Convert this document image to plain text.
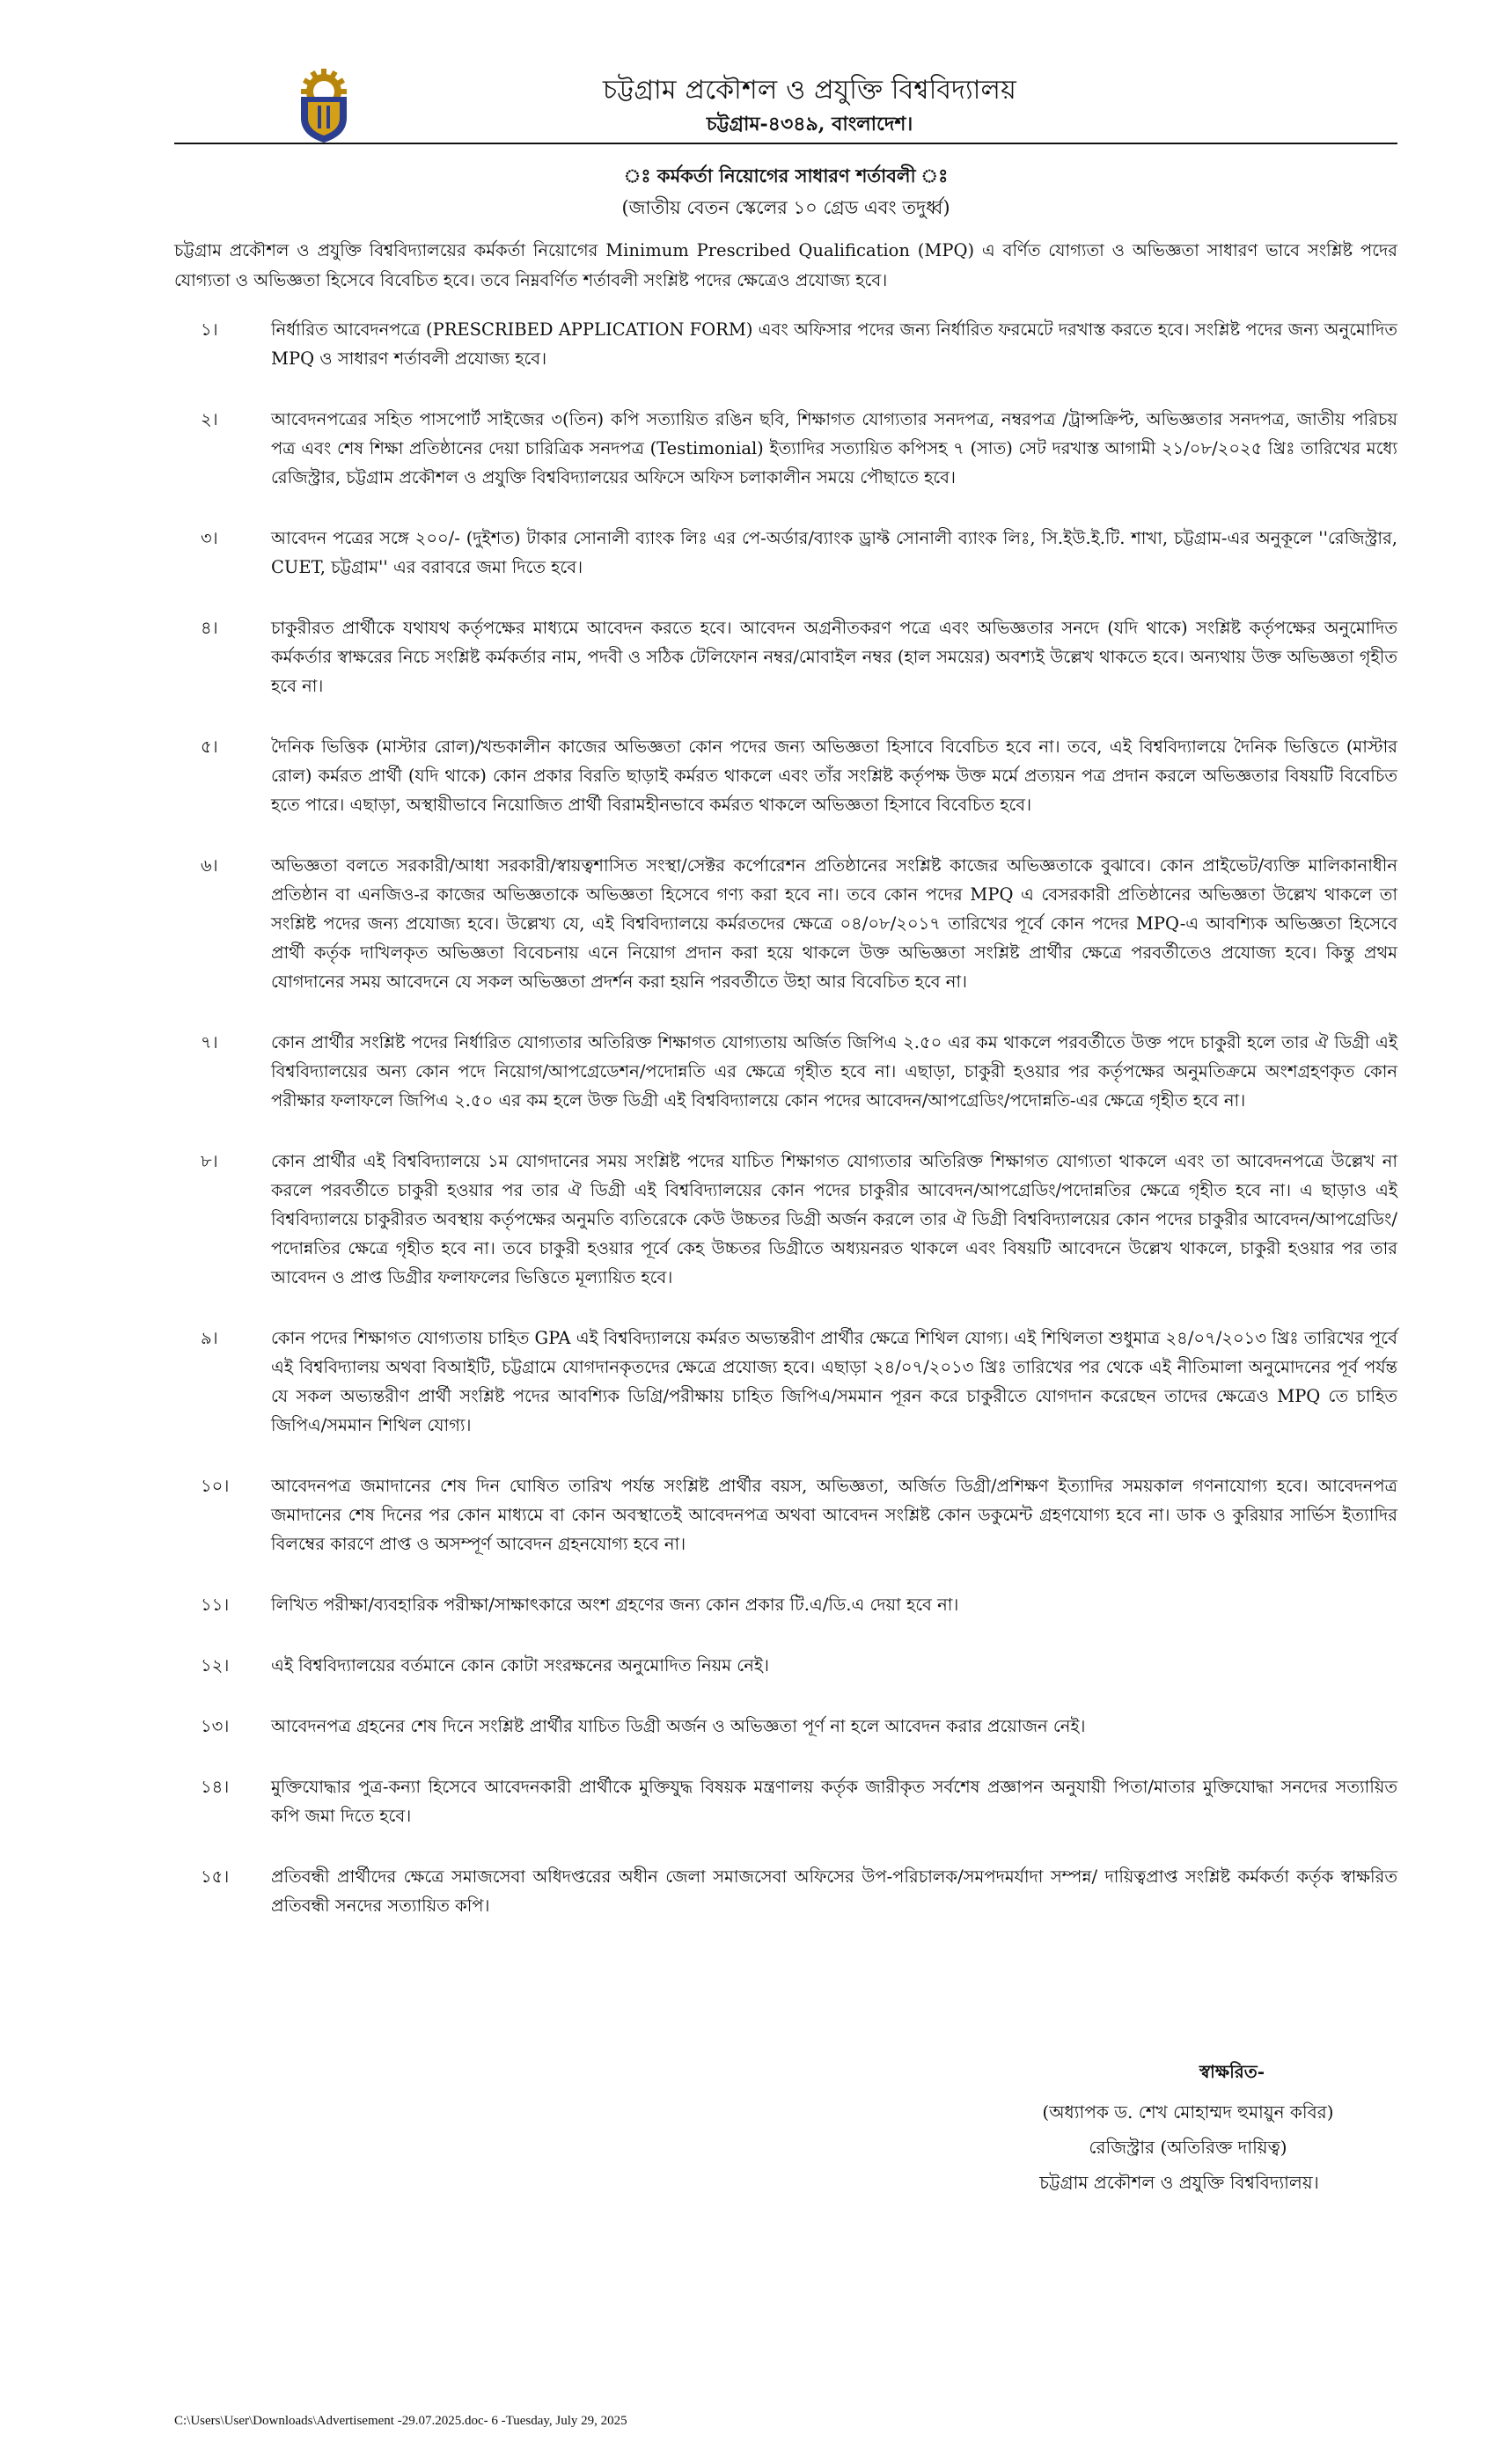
চট্টগ্রাম প্রকৌশল ও প্রযুক্তি বিশ্ববিদ্যালয়
চট্টগ্রাম-৪৩৪৯, বাংলাদেশ।
ঃ কর্মকর্তা নিয়োগের সাধারণ শর্তাবলী ঃ
(জাতীয় বেতন স্কেলের ১০ গ্রেড এবং তদুর্ধ্ব)
চট্টগ্রাম প্রকৌশল ও প্রযুক্তি বিশ্ববিদ্যালয়ের কর্মকর্তা নিয়োগের Minimum Prescribed Qualification (MPQ) এ বর্ণিত যোগ্যতা ও অভিজ্ঞতা সাধারণ ভাবে সংশ্লিষ্ট পদের যোগ্যতা ও অভিজ্ঞতা হিসেবে বিবেচিত হবে। তবে নিম্নবর্ণিত শর্তাবলী সংশ্লিষ্ট পদের ক্ষেত্রেও প্রযোজ্য হবে।
১।	নির্ধারিত আবেদনপত্রে (PRESCRIBED APPLICATION FORM) এবং অফিসার পদের জন্য নির্ধারিত ফরমেটে দরখাস্ত করতে হবে। সংশ্লিষ্ট পদের জন্য অনুমোদিত MPQ ও সাধারণ শর্তাবলী প্রযোজ্য হবে।
২।	আবেদনপত্রের সহিত পাসপোর্ট সাইজের ৩(তিন) কপি সত্যায়িত রঙিন ছবি, শিক্ষাগত যোগ্যতার সনদপত্র, নম্বরপত্র /ট্রান্সক্রিপ্ট, অভিজ্ঞতার সনদপত্র, জাতীয় পরিচয় পত্র এবং শেষ শিক্ষা প্রতিষ্ঠানের দেয়া চারিত্রিক সনদপত্র (Testimonial) ইত্যাদির সত্যায়িত কপিসহ ৭ (সাত) সেট দরখাস্ত আগামী ২১/০৮/২০২৫ খ্রিঃ তারিখের মধ্যে রেজিস্ট্রার, চট্টগ্রাম প্রকৌশল ও প্রযুক্তি বিশ্ববিদ্যালয়ের অফিসে অফিস চলাকালীন সময়ে পৌছাতে হবে।
৩।	আবেদন পত্রের সঙ্গে ২০০/- (দুইশত) টাকার সোনালী ব্যাংক লিঃ এর পে-অর্ডার/ব্যাংক ড্রাফ্ট সোনালী ব্যাংক লিঃ, সি.ইউ.ই.টি. শাখা, চট্টগ্রাম-এর অনুকূলে ''রেজিস্ট্রার, CUET, চট্টগ্রাম'' এর বরাবরে জমা দিতে হবে।
৪।	চাকুরীরত প্রার্থীকে যথাযথ কর্তৃপক্ষের মাধ্যমে আবেদন করতে হবে। আবেদন অগ্রনীতকরণ পত্রে এবং অভিজ্ঞতার সনদে (যদি থাকে) সংশ্লিষ্ট কর্তৃপক্ষের অনুমোদিত কর্মকর্তার স্বাক্ষরের নিচে সংশ্লিষ্ট কর্মকর্তার নাম, পদবী ও সঠিক টেলিফোন নম্বর/মোবাইল নম্বর (হাল সময়ের) অবশ্যই উল্লেখ থাকতে হবে। অন্যথায় উক্ত অভিজ্ঞতা গৃহীত হবে না।
৫।	দৈনিক ভিত্তিক (মাস্টার রোল)/খন্ডকালীন কাজের অভিজ্ঞতা কোন পদের জন্য অভিজ্ঞতা হিসাবে বিবেচিত হবে না। তবে, এই বিশ্ববিদ্যালয়ে দৈনিক ভিত্তিতে (মাস্টার রোল) কর্মরত প্রার্থী (যদি থাকে) কোন প্রকার বিরতি ছাড়াই কর্মরত থাকলে এবং তাঁর সংশ্লিষ্ট কর্তৃপক্ষ উক্ত মর্মে প্রত্যয়ন পত্র প্রদান করলে অভিজ্ঞতার বিষয়টি বিবেচিত হতে পারে। এছাড়া, অস্থায়ীভাবে নিয়োজিত প্রার্থী বিরামহীনভাবে কর্মরত থাকলে অভিজ্ঞতা হিসাবে বিবেচিত হবে।
৬।	অভিজ্ঞতা বলতে সরকারী/আধা সরকারী/স্বায়ত্বশাসিত সংস্থা/সেক্টর কর্পোরেশন প্রতিষ্ঠানের সংশ্লিষ্ট কাজের অভিজ্ঞতাকে বুঝাবে। কোন প্রাইভেট/ব্যক্তি মালিকানাধীন প্রতিষ্ঠান বা এনজিও-র কাজের অভিজ্ঞতাকে অভিজ্ঞতা হিসেবে গণ্য করা হবে না। তবে কোন পদের MPQ এ বেসরকারী প্রতিষ্ঠানের অভিজ্ঞতা উল্লেখ থাকলে তা সংশ্লিষ্ট পদের জন্য প্রযোজ্য হবে। উল্লেখ্য যে, এই বিশ্ববিদ্যালয়ে কর্মরতদের ক্ষেত্রে ০৪/০৮/২০১৭ তারিখের পূর্বে কোন পদের MPQ-এ আবশ্যিক অভিজ্ঞতা হিসেবে প্রার্থী কর্তৃক দাখিলকৃত অভিজ্ঞতা বিবেচনায় এনে নিয়োগ প্রদান করা হয়ে থাকলে উক্ত অভিজ্ঞতা সংশ্লিষ্ট প্রার্থীর ক্ষেত্রে পরবর্তীতেও প্রযোজ্য হবে। কিন্তু প্রথম যোগদানের সময় আবেদনে যে সকল অভিজ্ঞতা প্রদর্শন করা হয়নি পরবর্তীতে উহা আর বিবেচিত হবে না।
৭।	কোন প্রার্থীর সংশ্লিষ্ট পদের নির্ধারিত যোগ্যতার অতিরিক্ত শিক্ষাগত যোগ্যতায় অর্জিত জিপিএ ২.৫০ এর কম থাকলে পরবর্তীতে উক্ত পদে চাকুরী হলে তার ঐ ডিগ্রী এই বিশ্ববিদ্যালয়ের অন্য কোন পদে নিয়োগ/আপগ্রেডেশন/পদোন্নতি এর ক্ষেত্রে গৃহীত হবে না। এছাড়া, চাকুরী হওয়ার পর কর্তৃপক্ষের অনুমতিক্রমে অংশগ্রহণকৃত কোন পরীক্ষার ফলাফলে জিপিএ ২.৫০ এর কম হলে উক্ত ডিগ্রী এই বিশ্ববিদ্যালয়ে কোন পদের আবেদন/আপগ্রেডিং/পদোন্নতি-এর ক্ষেত্রে গৃহীত হবে না।
৮।	কোন প্রার্থীর এই বিশ্ববিদ্যালয়ে ১ম যোগদানের সময় সংশ্লিষ্ট পদের যাচিত শিক্ষাগত যোগ্যতার অতিরিক্ত শিক্ষাগত যোগ্যতা থাকলে এবং তা আবেদনপত্রে উল্লেখ না করলে পরবর্তীতে চাকুরী হওয়ার পর তার ঐ ডিগ্রী এই বিশ্ববিদ্যালয়ের কোন পদের চাকুরীর আবেদন/আপগ্রেডিং/পদোন্নতির ক্ষেত্রে গৃহীত হবে না। এ ছাড়াও এই বিশ্ববিদ্যালয়ে চাকুরীরত অবস্থায় কর্তৃপক্ষের অনুমতি ব্যতিরেকে কেউ উচ্চতর ডিগ্রী অর্জন করলে তার ঐ ডিগ্রী বিশ্ববিদ্যালয়ের কোন পদের চাকুরীর আবেদন/আপগ্রেডিং/পদোন্নতির ক্ষেত্রে গৃহীত হবে না। তবে চাকুরী হওয়ার পূর্বে কেহ উচ্চতর ডিগ্রীতে অধ্যয়নরত থাকলে এবং বিষয়টি আবেদনে উল্লেখ থাকলে, চাকুরী হওয়ার পর তার আবেদন ও প্রাপ্ত ডিগ্রীর ফলাফলের ভিত্তিতে মূল্যায়িত হবে।
৯।	কোন পদের শিক্ষাগত যোগ্যতায় চাহিত GPA এই বিশ্ববিদ্যালয়ে কর্মরত অভ্যন্তরীণ প্রার্থীর ক্ষেত্রে শিথিল যোগ্য। এই শিথিলতা শুধুমাত্র ২৪/০৭/২০১৩ খ্রিঃ তারিখের পূর্বে এই বিশ্ববিদ্যালয় অথবা বিআইটি, চট্টগ্রামে যোগদানকৃতদের ক্ষেত্রে প্রযোজ্য হবে। এছাড়া ২৪/০৭/২০১৩ খ্রিঃ তারিখের পর থেকে এই নীতিমালা অনুমোদনের পূর্ব পর্যন্ত যে সকল অভ্যন্তরীণ প্রার্থী সংশ্লিষ্ট পদের আবশ্যিক ডিগ্রি/পরীক্ষায় চাহিত জিপিএ/সমমান পূরন করে চাকুরীতে যোগদান করেছেন তাদের ক্ষেত্রেও MPQ তে চাহিত জিপিএ/সমমান শিথিল যোগ্য।
১০।	আবেদনপত্র জমাদানের শেষ দিন ঘোষিত তারিখ পর্যন্ত সংশ্লিষ্ট প্রার্থীর বয়স, অভিজ্ঞতা, অর্জিত ডিগ্রী/প্রশিক্ষণ ইত্যাদির সময়কাল গণনাযোগ্য হবে। আবেদনপত্র জমাদানের শেষ দিনের পর কোন মাধ্যমে বা কোন অবস্থাতেই আবেদনপত্র অথবা আবেদন সংশ্লিষ্ট কোন ডকুমেন্ট গ্রহণযোগ্য হবে না। ডাক ও কুরিয়ার সার্ভিস ইত্যাদির বিলম্বের কারণে প্রাপ্ত ও অসম্পূর্ণ আবেদন গ্রহনযোগ্য হবে না।
১১।	লিখিত পরীক্ষা/ব্যবহারিক পরীক্ষা/সাক্ষাৎকারে অংশ গ্রহণের জন্য কোন প্রকার টি.এ/ডি.এ দেয়া হবে না।
১২।	এই বিশ্ববিদ্যালয়ের বর্তমানে কোন কোটা সংরক্ষনের অনুমোদিত নিয়ম নেই।
১৩।	আবেদনপত্র গ্রহনের শেষ দিনে সংশ্লিষ্ট প্রার্থীর যাচিত ডিগ্রী অর্জন ও অভিজ্ঞতা পূর্ণ না হলে আবেদন করার প্রয়োজন নেই।
১৪।	মুক্তিযোদ্ধার পুত্র-কন্যা হিসেবে আবেদনকারী প্রার্থীকে মুক্তিযুদ্ধ বিষয়ক মন্ত্রণালয় কর্তৃক জারীকৃত সর্বশেষ প্রজ্ঞাপন অনুযায়ী পিতা/মাতার মুক্তিযোদ্ধা সনদের সত্যায়িত কপি জমা দিতে হবে।
১৫।	প্রতিবন্ধী প্রার্থীদের ক্ষেত্রে সমাজসেবা অধিদপ্তরের অধীন জেলা সমাজসেবা অফিসের উপ-পরিচালক/সমপদমর্যাদা সম্পন্ন/ দায়িত্বপ্রাপ্ত সংশ্লিষ্ট কর্মকর্তা কর্তৃক স্বাক্ষরিত প্রতিবন্ধী সনদের সত্যায়িত কপি।
স্বাক্ষরিত-
(অধ্যাপক ড. শেখ মোহাম্মদ হুমায়ুন কবির)
রেজিস্ট্রার (অতিরিক্ত দায়িত্ব)
চট্টগ্রাম প্রকৌশল ও প্রযুক্তি বিশ্ববিদ্যালয়।
C:\Users\User\Downloads\Advertisement -29.07.2025.doc- 6 -Tuesday, July 29, 2025
